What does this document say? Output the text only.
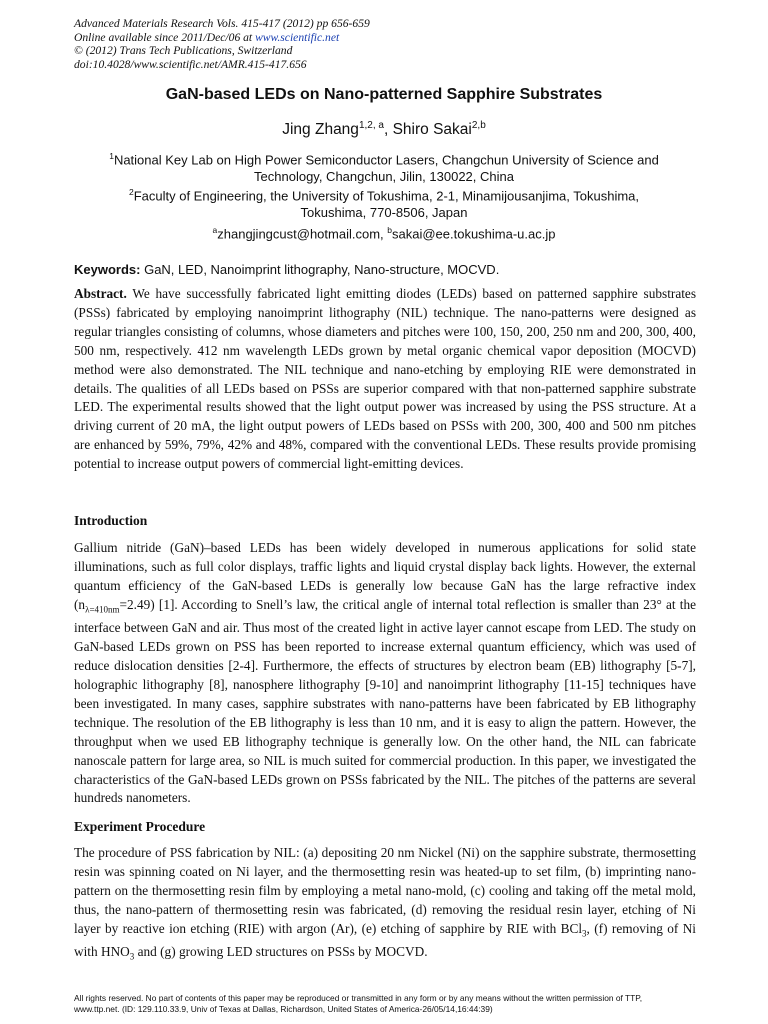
Advanced Materials Research Vols. 415-417 (2012) pp 656-659
Online available since 2011/Dec/06 at www.scientific.net
© (2012) Trans Tech Publications, Switzerland
doi:10.4028/www.scientific.net/AMR.415-417.656
GaN-based LEDs on Nano-patterned Sapphire Substrates
Jing Zhang$^{1,2, a}$, Shiro Sakai$^{2,b}$
$^1$National Key Lab on High Power Semiconductor Lasers, Changchun University of Science and
Technology, Changchun, Jilin, 130022, China
$^2$Faculty of Engineering, the University of Tokushima, 2-1, Minamijousanjima, Tokushima,
Tokushima, 770-8506, Japan
$^a$zhangjingcust@hotmail.com, $^b$sakai@ee.tokushima-u.ac.jp
Keywords: GaN, LED, Nanoimprint lithography, Nano-structure, MOCVD.
Abstract. We have successfully fabricated light emitting diodes (LEDs) based on patterned sapphire substrates (PSSs) fabricated by employing nanoimprint lithography (NIL) technique. The nano-patterns were designed as regular triangles consisting of columns, whose diameters and pitches were 100, 150, 200, 250 nm and 200, 300, 400, 500 nm, respectively. 412 nm wavelength LEDs grown by metal organic chemical vapor deposition (MOCVD) method were also demonstrated. The NIL technique and nano-etching by employing RIE were demonstrated in details. The qualities of all LEDs based on PSSs are superior compared with that non-patterned sapphire substrate LED. The experimental results showed that the light output power was increased by using the PSS structure. At a driving current of 20 mA, the light output powers of LEDs based on PSSs with 200, 300, 400 and 500 nm pitches are enhanced by 59%, 79%, 42% and 48%, compared with the conventional LEDs. These results provide promising potential to increase output powers of commercial light-emitting devices.
Introduction
Gallium nitride (GaN)–based LEDs has been widely developed in numerous applications for solid state illuminations, such as full color displays, traffic lights and liquid crystal display back lights. However, the external quantum efficiency of the GaN-based LEDs is generally low because GaN has the large refractive index $(n_{\lambda=410nm}=2.49)$ [1]. According to Snell’s law, the critical angle of internal total reflection is smaller than 23° at the interface between GaN and air. Thus most of the created light in active layer cannot escape from LED. The study on GaN-based LEDs grown on PSS has been reported to increase external quantum efficiency, which was used of reduce dislocation densities [2-4]. Furthermore, the effects of structures by electron beam (EB) lithography [5-7], holographic lithography [8], nanosphere lithography [9-10] and nanoimprint lithography [11-15] techniques have been investigated. In many cases, sapphire substrates with nano-patterns have been fabricated by EB lithography technique. The resolution of the EB lithography is less than 10 nm, and it is easy to align the pattern. However, the throughput when we used EB lithography technique is generally low. On the other hand, the NIL can fabricate nanoscale pattern for large area, so NIL is much suited for commercial production. In this paper, we investigated the characteristics of the GaN-based LEDs grown on PSSs fabricated by the NIL. The pitches of the patterns are several hundreds nanometers.
Experiment Procedure
The procedure of PSS fabrication by NIL: (a) depositing 20 nm Nickel (Ni) on the sapphire substrate, thermosetting resin was spinning coated on Ni layer, and the thermosetting resin was heated-up to set film, (b) imprinting nano-pattern on the thermosetting resin film by employing a metal nano-mold, (c) cooling and taking off the metal mold, thus, the nano-pattern of thermosetting resin was fabricated, (d) removing the residual resin layer, etching of Ni layer by reactive ion etching (RIE) with argon (Ar), (e) etching of sapphire by RIE with BCl$_3$, (f) removing of Ni with $HNO_3$ and (g) growing LED structures on PSSs by MOCVD.
All rights reserved. No part of contents of this paper may be reproduced or transmitted in any form or by any means without the written permission of TTP,
www.ttp.net. (ID: 129.110.33.9, Univ of Texas at Dallas, Richardson, United States of America-26/05/14,16:44:39)
